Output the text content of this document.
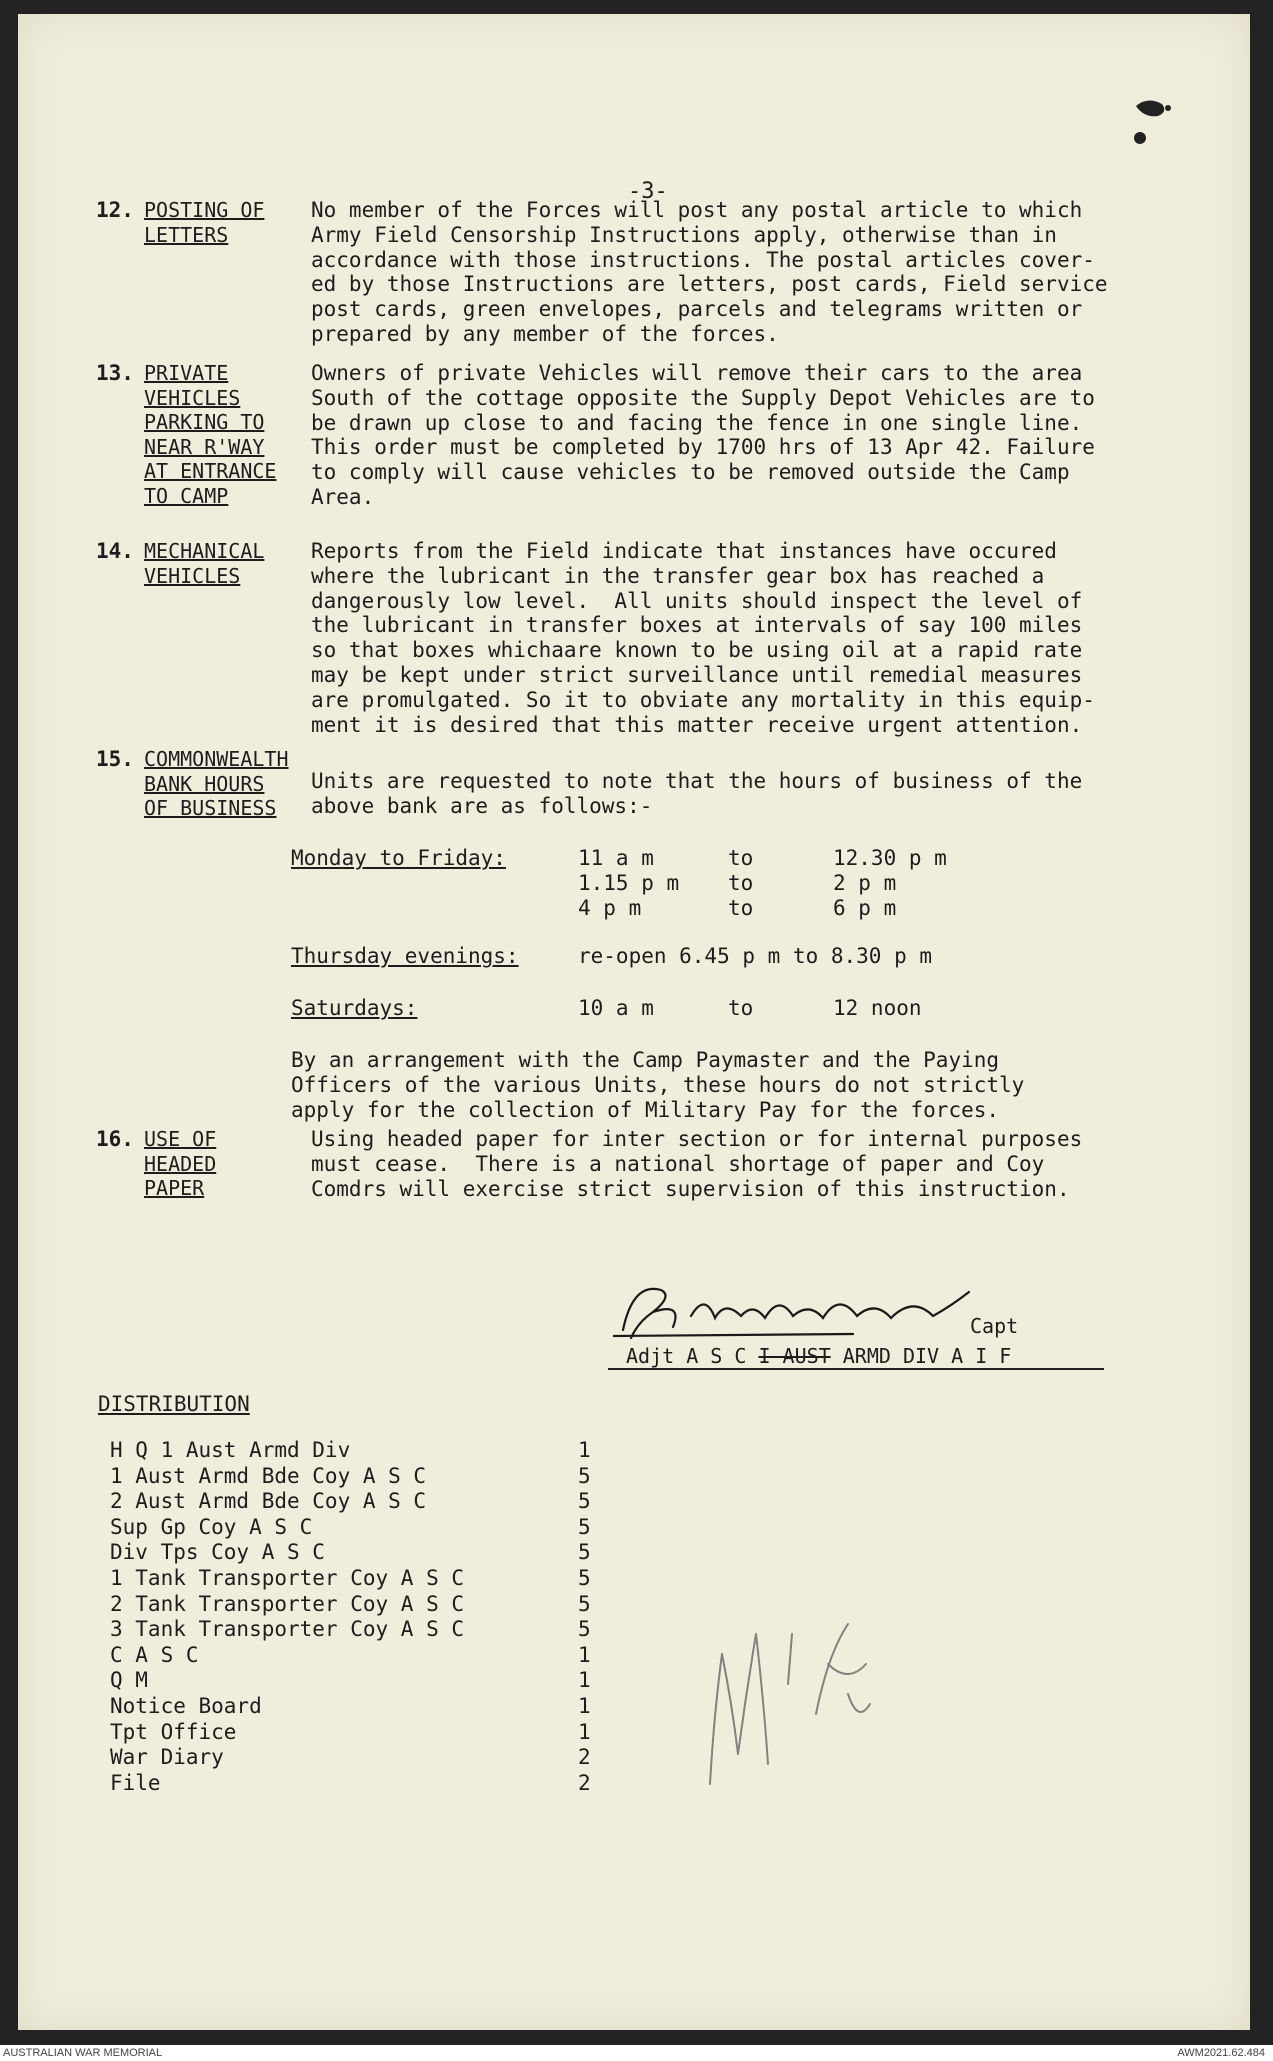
-3-
12. POSTING OF
LETTERS
No member of the Forces will post any postal article to which
Army Field Censorship Instructions apply, otherwise than in
accordance with those instructions. The postal articles cover-
ed by those Instructions are letters, post cards, Field service
post cards, green envelopes, parcels and telegrams written or
prepared by any member of the forces.
13. PRIVATE
VEHICLES
PARKING TO
NEAR R'WAY
AT ENTRANCE
TO CAMP
Owners of private Vehicles will remove their cars to the area
South of the cottage opposite the Supply Depot Vehicles are to
be drawn up close to and facing the fence in one single line.
This order must be completed by 1700 hrs of 13 Apr 42. Failure
to comply will cause vehicles to be removed outside the Camp
Area.
14. MECHANICAL
VEHICLES
Reports from the Field indicate that instances have occured
where the lubricant in the transfer gear box has reached a
dangerously low level.  All units should inspect the level of
the lubricant in transfer boxes at intervals of say 100 miles
so that boxes whichaare known to be using oil at a rapid rate
may be kept under strict surveillance until remedial measures
are promulgated. So it to obviate any mortality in this equip-
ment it is desired that this matter receive urgent attention.
15. COMMONWEALTH
BANK HOURS
OF BUSINESS
Units are requested to note that the hours of business of the
above bank are as follows:-
Monday to Friday:	11 a m	to	12.30 p m
1.15 p m to	2 p m
4 p m	to	6 p m
Thursday evenings:	re-open 6.45 p m to 8.30 p m
Saturdays:	10 a m	to	12 noon
By an arrangement with the Camp Paymaster and the Paying
Officers of the various Units, these hours do not strictly
apply for the collection of Military Pay for the forces.
16. USE OF
HEADED
PAPER
Using headed paper for inter section or for internal purposes
must cease.  There is a national shortage of paper and Coy
Comdrs will exercise strict supervision of this instruction.
Capt
Adjt A S C I AUST ARMD DIV A I F
DISTRIBUTION
H Q 1 Aust Armd Div	1
1 Aust Armd Bde Coy A S C	5
2 Aust Armd Bde Coy A S C	5
Sup Gp Coy A S C	5
Div Tps Coy A S C	5
1 Tank Transporter Coy A S C	5
2 Tank Transporter Coy A S C	5
3 Tank Transporter Coy A S C	5
C A S C	1
Q M	1
Notice Board	1
Tpt Office	1
War Diary	2
File	2
M 1/2
AUSTRALIAN WAR MEMORIAL	AWM2021.62.484
